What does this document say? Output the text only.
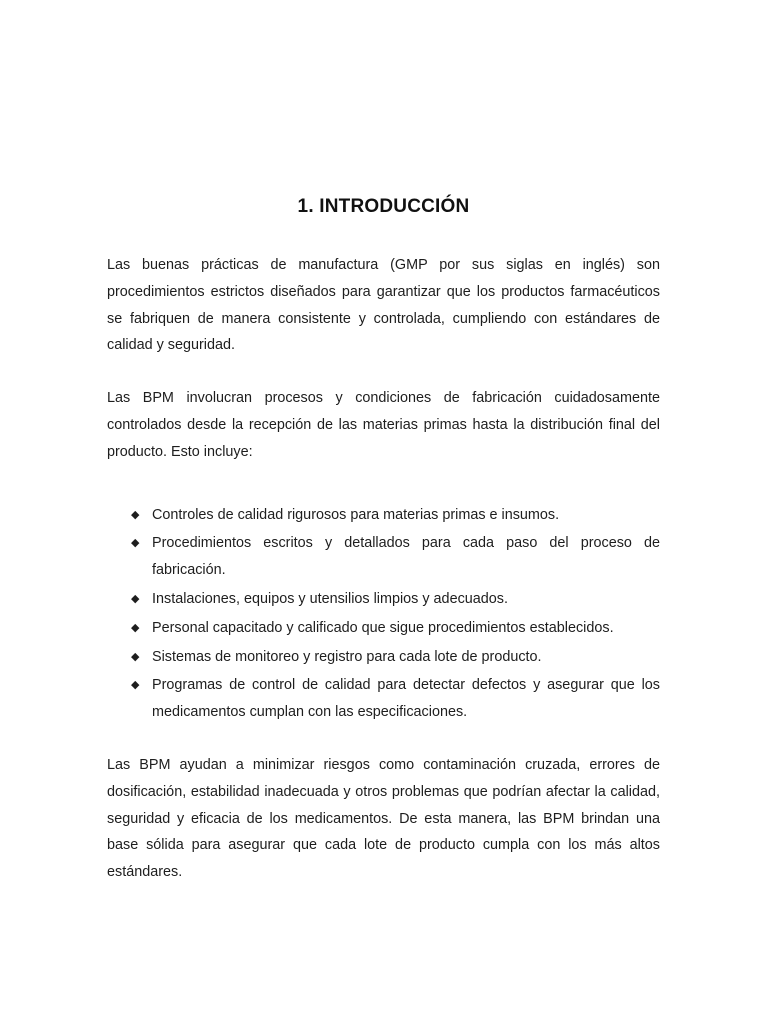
1. INTRODUCCIÓN

Las buenas prácticas de manufactura (GMP por sus siglas en inglés) son procedimientos estrictos diseñados para garantizar que los productos farmacéuticos se fabriquen de manera consistente y controlada, cumpliendo con estándares de calidad y seguridad.

Las BPM involucran procesos y condiciones de fabricación cuidadosamente controlados desde la recepción de las materias primas hasta la distribución final del producto. Esto incluye:

◆ Controles de calidad rigurosos para materias primas e insumos.
◆ Procedimientos escritos y detallados para cada paso del proceso de fabricación.
◆ Instalaciones, equipos y utensilios limpios y adecuados.
◆ Personal capacitado y calificado que sigue procedimientos establecidos.
◆ Sistemas de monitoreo y registro para cada lote de producto.
◆ Programas de control de calidad para detectar defectos y asegurar que los medicamentos cumplan con las especificaciones.

Las BPM ayudan a minimizar riesgos como contaminación cruzada, errores de dosificación, estabilidad inadecuada y otros problemas que podrían afectar la calidad, seguridad y eficacia de los medicamentos. De esta manera, las BPM brindan una base sólida para asegurar que cada lote de producto cumpla con los más altos estándares.
